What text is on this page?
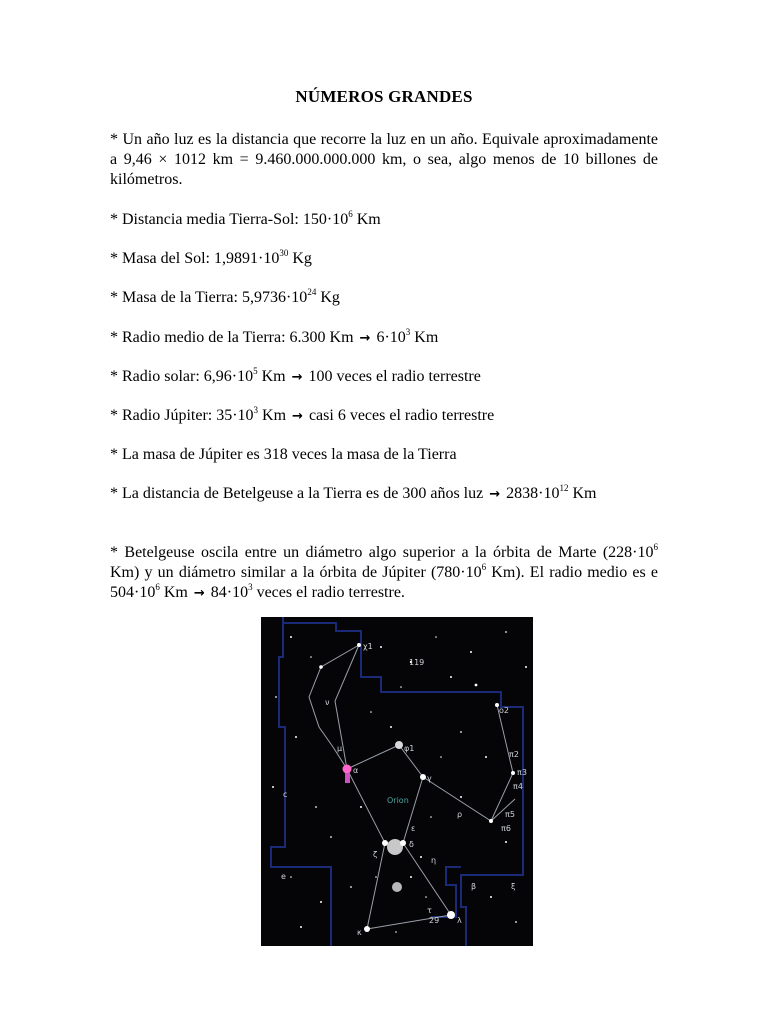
NÚMEROS GRANDES
* Un año luz es la distancia que recorre la luz en un año. Equivale aproximadamente a 9,46 × 1012 km = 9.460.000.000.000 km, o sea, algo menos de 10 billones de kilómetros.
* Distancia media Tierra-Sol: $150\cdot 10^6$ Km
* Masa del Sol: $1,9891\cdot 10^{30}$ Kg
* Masa de la Tierra: $5,9736\cdot 10^{24}$ Kg
* Radio medio de la Tierra: 6.300 $Km \to 6\cdot 10^3$ Km
* Radio solar: $6,96\cdot 10^5$ Km → 100 veces el radio terrestre
* Radio Júpiter: $35\cdot 10^3$ Km → casi 6 veces el radio terrestre
* La masa de Júpiter es 318 veces la masa de la Tierra
* La distancia de Betelgeuse a la Tierra es de 300 años luz → $2838\cdot 10^{12}$ Km
* Betelgeuse oscila entre un diámetro algo superior a la órbita de Marte ($228\cdot 10^6$ Km) y un diámetro similar a la órbita de Júpiter ($780\cdot 10^6$ Km). El radio medio es e $504\cdot 10^6$ $Km \to 84\cdot 10^3$ veces el radio terrestre.
α
γ
δ
ε
ζ
η
κ
β
λ
π2
π3
π4
π5
π6
o2
χ1
ν
μ	φ1
ρ
τ
c
e
119
29
ξ
Orion
